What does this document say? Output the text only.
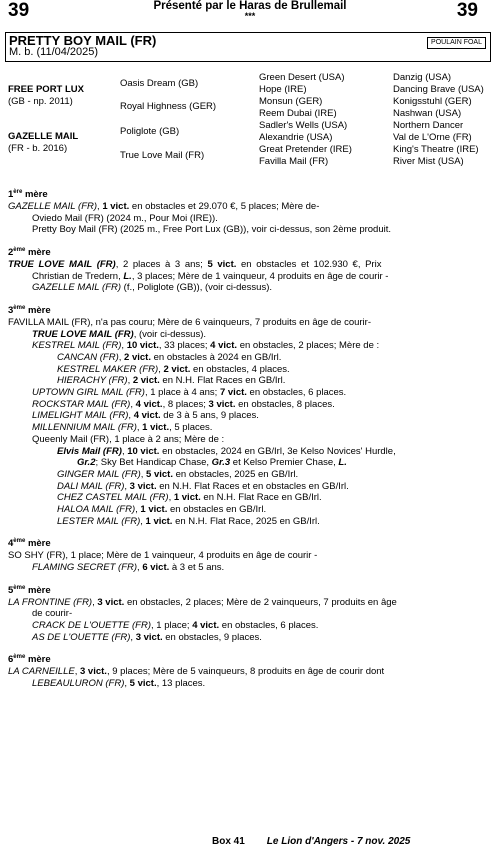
39	Présenté par le Haras de Brullemail
***	39
PRETTY BOY MAIL (FR)
M. b. (11/04/2025)
POULAIN FOAL
FREE PORT LUX
(GB - np. 2011)
GAZELLE MAIL
(FR - b. 2016)
Oasis Dream (GB)
Royal Highness (GER)
Poliglote (GB)
True Love Mail (FR)
Green Desert (USA)
Hope (IRE)
Monsun (GER)
Reem Dubai (IRE)
Sadler's Wells (USA)
Alexandrie (USA)
Great Pretender (IRE)
Favilla Mail (FR)
Danzig (USA)
Dancing Brave (USA)
Konigsstuhl (GER)
Nashwan (USA)
Northern Dancer
Val de L'Orne (FR)
King's Theatre (IRE)
River Mist (USA)
1ère mère
GAZELLE MAIL (FR), 1 vict. en obstacles et 29.070 €, 5 places; Mère de-
Oviedo Mail (FR) (2024 m., Pour Moi (IRE)).
Pretty Boy Mail (FR) (2025 m., Free Port Lux (GB)), voir ci-dessus, son 2ème produit.
2ème mère
TRUE LOVE MAIL (FR), 2 places à 3 ans; 5 vict. en obstacles et 102.930 €, Prix
Christian de Tredern, L., 3 places; Mère de 1 vainqueur, 4 produits en âge de courir -
GAZELLE MAIL (FR) (f., Poliglote (GB)), (voir ci-dessus).
3ème mère
FAVILLA MAIL (FR), n'a pas couru; Mère de 6 vainqueurs, 7 produits en âge de courir-
TRUE LOVE MAIL (FR), (voir ci-dessus).
KESTREL MAIL (FR), 10 vict., 33 places; 4 vict. en obstacles, 2 places; Mère de :
CANCAN (FR), 2 vict. en obstacles à 2024 en GB/Irl.
KESTREL MAKER (FR), 2 vict. en obstacles, 4 places.
HIERACHY (FR), 2 vict. en N.H. Flat Races en GB/Irl.
UPTOWN GIRL MAIL (FR), 1 place à 4 ans; 7 vict. en obstacles, 6 places.
ROCKSTAR MAIL (FR), 4 vict., 8 places; 3 vict. en obstacles, 8 places.
LIMELIGHT MAIL (FR), 4 vict. de 3 à 5 ans, 9 places.
MILLENNIUM MAIL (FR), 1 vict., 5 places.
Queenly Mail (FR), 1 place à 2 ans; Mère de :
Elvis Mail (FR), 10 vict. en obstacles, 2024 en GB/Irl, 3e Kelso Novices' Hurdle,
Gr.2; Sky Bet Handicap Chase, Gr.3 et Kelso Premier Chase, L.
GINGER MAIL (FR), 5 vict. en obstacles, 2025 en GB/Irl.
DALI MAIL (FR), 3 vict. en N.H. Flat Races et en obstacles en GB/Irl.
CHEZ CASTEL MAIL (FR), 1 vict. en N.H. Flat Race en GB/Irl.
HALOA MAIL (FR), 1 vict. en obstacles en GB/Irl.
LESTER MAIL (FR), 1 vict. en N.H. Flat Race, 2025 en GB/Irl.
4ème mère
SO SHY (FR), 1 place; Mère de 1 vainqueur, 4 produits en âge de courir -
FLAMING SECRET (FR), 6 vict. à 3 et 5 ans.
5ème mère
LA FRONTINE (FR), 3 vict. en obstacles, 2 places; Mère de 2 vainqueurs, 7 produits en âge
de courir-
CRACK DE L'OUETTE (FR), 1 place; 4 vict. en obstacles, 6 places.
AS DE L'OUETTE (FR), 3 vict. en obstacles, 9 places.
6ème mère
LA CARNEILLE, 3 vict., 9 places; Mère de 5 vainqueurs, 8 produits en âge de courir dont
LEBEAULURON (FR), 5 vict., 13 places.
Box 41 Le Lion d'Angers - 7 nov. 2025
